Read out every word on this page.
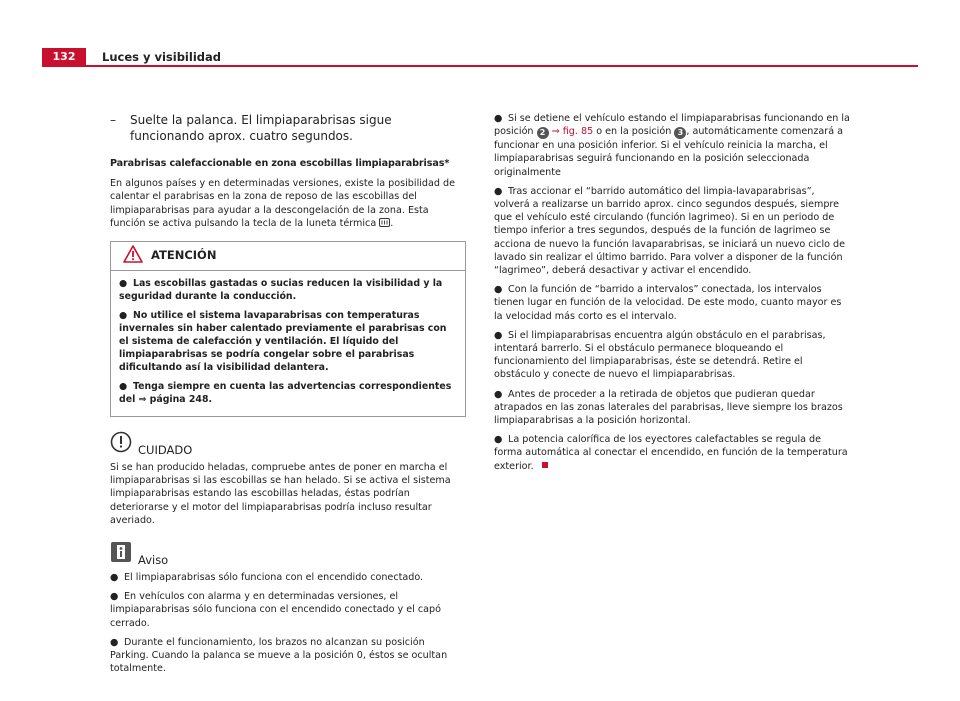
132	Luces y visibilidad
–	Suelte la palanca. El limpiaparabrisas sigue funcionando aprox. cuatro segundos.

Parabrisas calefaccionable en zona escobillas limpiaparabrisas*

En algunos países y en determinadas versiones, existe la posibilidad de calentar el parabrisas en la zona de reposo de las escobillas del limpiaparabrisas para ayudar a la descongelación de la zona. Esta función se activa pulsando la tecla de la luneta térmica .

ATENCIÓN

● Las escobillas gastadas o sucias reducen la visibilidad y la seguridad durante la conducción.

● No utilice el sistema lavaparabrisas con temperaturas invernales sin haber calentado previamente el parabrisas con el sistema de calefacción y ventilación. El líquido del limpiaparabrisas se podría congelar sobre el parabrisas dificultando así la visibilidad delantera.

● Tenga siempre en cuenta las advertencias correspondientes del ⇒ página 248.

CUIDADO

Si se han producido heladas, compruebe antes de poner en marcha el limpiaparabrisas si las escobillas se han helado. Si se activa el sistema limpiaparabrisas estando las escobillas heladas, éstas podrían deteriorarse y el motor del limpiaparabrisas podría incluso resultar averiado.

Aviso

● El limpiaparabrisas sólo funciona con el encendido conectado.

● En vehículos con alarma y en determinadas versiones, el limpiaparabrisas sólo funciona con el encendido conectado y el capó cerrado.

● Durante el funcionamiento, los brazos no alcanzan su posición Parking. Cuando la palanca se mueve a la posición 0, éstos se ocultan totalmente.

● Si se detiene el vehículo estando el limpiaparabrisas funcionando en la posición 2 ⇒ fig. 85 o en la posición 3 , automáticamente comenzará a funcionar en una posición inferior. Si el vehículo reinicia la marcha, el limpiaparabrisas seguirá funcionando en la posición seleccionada originalmente

● Tras accionar el “barrido automático del limpia-lavaparabrisas”, volverá a realizarse un barrido aprox. cinco segundos después, siempre que el vehículo esté circulando (función lagrimeo). Si en un periodo de tiempo inferior a tres segundos, después de la función de lagrimeo se acciona de nuevo la función lavaparabrisas, se iniciará un nuevo ciclo de lavado sin realizar el último barrido. Para volver a disponer de la función “lagrimeo”, deberá desactivar y activar el encendido.

● Con la función de “barrido a intervalos” conectada, los intervalos tienen lugar en función de la velocidad. De este modo, cuanto mayor es la velocidad más corto es el intervalo.

● Si el limpiaparabrisas encuentra algún obstáculo en el parabrisas, intentará barrerlo. Si el obstáculo permanece bloqueando el funcionamiento del limpiaparabrisas, éste se detendrá. Retire el obstáculo y conecte de nuevo el limpiaparabrisas.

● Antes de proceder a la retirada de objetos que pudieran quedar atrapados en las zonas laterales del parabrisas, lleve siempre los brazos limpiaparabrisas a la posición horizontal.

● La potencia calorífica de los eyectores calefactables se regula de forma automática al conectar el encendido, en función de la temperatura exterior.
